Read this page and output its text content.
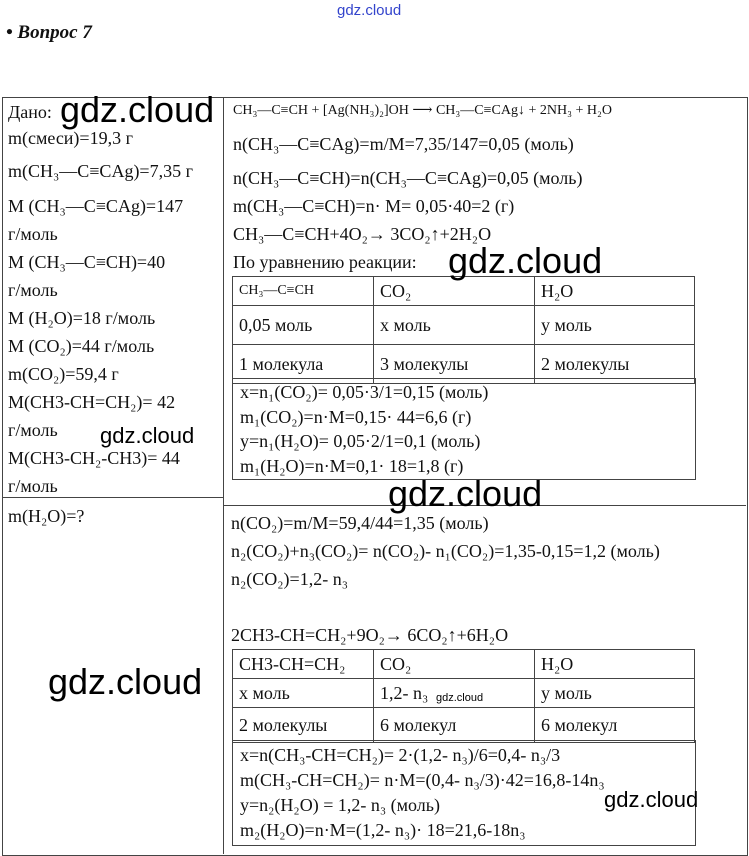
gdz.cloud
• Вопрос 7
Дано:
m(смеси)=19,3 г
m(CH₃—C≡CAg)=7,35 г
M (CH₃—C≡CAg)=147
г/моль
M (CH₃—C≡CH)=40
г/моль
M (H₂O)=18 г/моль
M (CO₂)=44 г/моль
m(CO₂)=59,4 г
M(CH3-CH=CH₂)= 42
г/моль
M(CH3-CH₂-CH3)= 44
г/моль
m(H₂O)=?
CH₃—C≡CH + [Ag(NH₃)₂]OH ⟶ CH₃—C≡CAg↓ + 2NH₃ + H₂O
n(CH₃—C≡CAg)=m/M=7,35/147=0,05 (моль)
n(CH₃—C≡CH)=n(CH₃—C≡CAg)=0,05 (моль)
m(CH₃—C≡CH)=n· M= 0,05·40=2 (г)
CH₃—C≡CH+4O₂→ 3CO₂↑+2H₂O
По уравнению реакции:
CH₃—C≡CH	CO₂	H₂O
0,05 моль	x моль	y моль
1 молекула	3 молекулы	2 молекулы
x=n₁(CO₂)= 0,05·3/1=0,15 (моль)
m₁(CO₂)=n·M=0,15· 44=6,6 (г)
y=n₁(H₂O)= 0,05·2/1=0,1 (моль)
m₁(H₂O)=n·M=0,1· 18=1,8 (г)
n(CO₂)=m/M=59,4/44=1,35 (моль)
n₂(CO₂)+n₃(CO₂)= n(CO₂)- n₁(CO₂)=1,35-0,15=1,2 (моль)
n₂(CO₂)=1,2- n₃
2CH3-CH=CH₂+9O₂→ 6CO₂↑+6H₂O
CH3-CH=CH₂	CO₂	H₂O
x моль	1,2- n₃	y моль
2 молекулы	6 молекул	6 молекул
x=n(CH₃-CH=CH₂)= 2·(1,2- n₃)/6=0,4- n₃/3
m(CH₃-CH=CH₂)= n·M=(0,4- n₃/3)·42=16,8-14n₃
y=n₂(H₂O) = 1,2- n₃ (моль)
m₂(H₂O)=n·M=(1,2- n₃)· 18=21,6-18n₃
gdz.cloud
gdz.cloud
gdz.cloud
gdz.cloud
gdz.cloud	gdz.cloud
gdz.cloud
